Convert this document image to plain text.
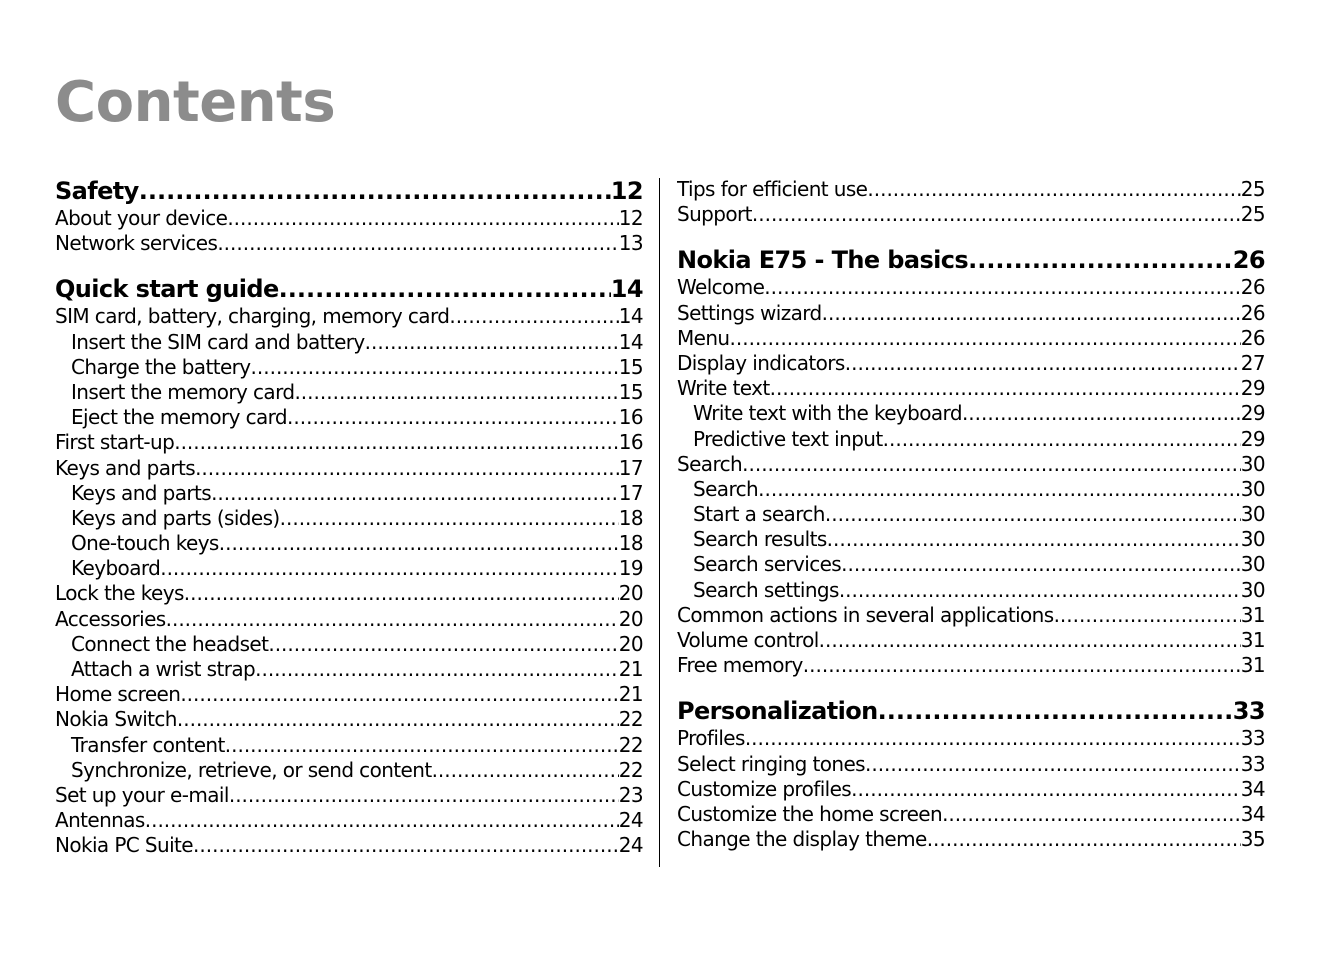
Contents
Safety .....	12
About your device .....	12
Network services .....	13
Quick start guide .....	14
SIM card, battery, charging, memory card .....	14
Insert the SIM card and battery .....	14
Charge the battery .....	15
Insert the memory card .....	15
Eject the memory card .....	16
First start-up .....	16
Keys and parts .....	17
Keys and parts .....	17
Keys and parts (sides) .....	18
One-touch keys .....	18
Keyboard .....	19
Lock the keys .....	20
Accessories .....	20
Connect the headset .....	20
Attach a wrist strap .....	21
Home screen .....	21
Nokia Switch .....	22
Transfer content .....	22
Synchronize, retrieve, or send content .....	22
Set up your e-mail .....	23
Antennas .....	24
Nokia PC Suite .....	24
Tips for efficient use .....	25
Support .....	25
Nokia E75 - The basics .....	26
Welcome .....	26
Settings wizard .....	26
Menu .....	26
Display indicators .....	27
Write text .....	29
Write text with the keyboard .....	29
Predictive text input .....	29
Search .....	30
Search .....	30
Start a search .....	30
Search results .....	30
Search services .....	30
Search settings .....	30
Common actions in several applications .....	31
Volume control .....	31
Free memory .....	31
Personalization .....	33
Profiles .....	33
Select ringing tones .....	33
Customize profiles .....	34
Customize the home screen .....	34
Change the display theme .....	35
